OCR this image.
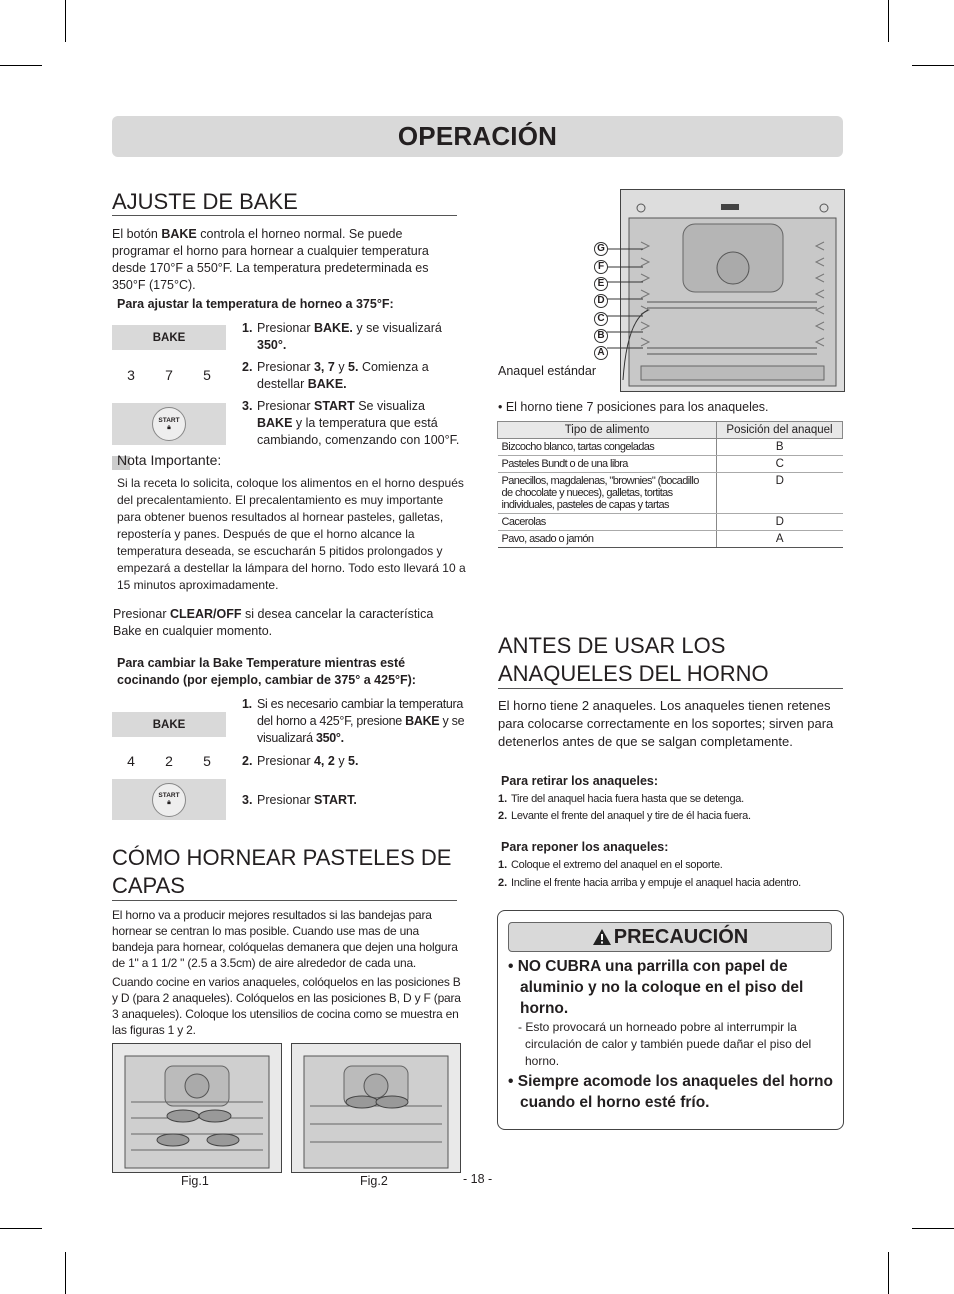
OPERACIÓN
AJUSTE DE BAKE
El botón BAKE controla el horneo normal. Se puede programar el horno para hornear a cualquier temperatura desde 170°F a 550°F. La temperatura predeterminada es 350°F (175°C).
Para ajustar la temperatura de horneo a 375°F:
BAKE
3 7 5
START
🔒︎
1. Presionar BAKE. y se visualizará 350°.
2. Presionar 3, 7 y 5. Comienza a destellar BAKE.
3. Presionar START Se visualiza BAKE y la temperatura que está cambiando, comenzando con 100°F.
Nota Importante:
Si la receta lo solicita, coloque los alimentos en el horno después del precalentamiento. El precalentamiento es muy importante para obtener buenos resultados al hornear pasteles, galletas, repostería y panes. Después de que el horno alcance la temperatura deseada, se escucharán 5 pitidos prolongados y empezará a destellar la lámpara del horno. Todo esto llevará 10 a 15 minutos aproximadamente.
Presionar CLEAR/OFF si desea cancelar la característica Bake en cualquier momento.
Para cambiar la Bake Temperature mientras esté cocinando (por ejemplo, cambiar de 375° a 425°F):
BAKE
4 2 5
START
🔒︎
1. Si es necesario cambiar la temperatura del horno a 425°F, presione BAKE y se visualizará 350°.
2. Presionar 4, 2 y 5.
3. Presionar START.
CÓMO HORNEAR PASTELES DE
CAPAS
El horno va a producir mejores resultados si las bandejas para hornear se centran lo mas posible. Cuando use mas de una bandeja para hornear, colóquelas demanera que dejen una holgura de 1" a 1 1/2 " (2.5 a 3.5cm) de aire alrededor de cada una.
Cuando cocine en varios anaqueles, colóquelos en las posiciones B y D (para 2 anaqueles). Colóquelos en las posiciones B, D y F (para 3 anaqueles). Coloque los utensilios de cocina como se muestra en las figuras 1 y 2.
Fig.1	Fig.2	- 18 -
G
F
E
D
C
B
A
Anaquel estándar
• El horno tiene 7 posiciones para los anaqueles.
Tipo de alimento	Posición del anaquel
Bizcocho blanco, tartas congeladas	B
Pasteles Bundt o de una libra	C
Panecillos, magdalenas, "brownies" (bocadillo de chocolate y nueces), galletas, tortitas individuales, pasteles de capas y tartas	D
Cacerolas	D
Pavo, asado o jamón	A
ANTES DE USAR LOS
ANAQUELES DEL HORNO
El horno tiene 2 anaqueles. Los anaqueles tienen retenes para colocarse correctamente en los soportes; sirven para detenerlos antes de que se salgan completamente.
Para retirar los anaqueles:
1. Tire del anaquel hacia fuera hasta que se detenga.
2. Levante el frente del anaquel y tire de él hacia fuera.
Para reponer los anaqueles:
1. Coloque el extremo del anaquel en el soporte.
2. Incline el frente hacia arriba y empuje el anaquel hacia adentro.
PRECAUCIÓN
• NO CUBRA una parrilla con papel de aluminio y no la coloque en el piso del horno.
- Esto provocará un horneado pobre al interrumpir la circulación de calor y también puede dañar el piso del horno.
• Siempre acomode los anaqueles del horno cuando el horno esté frío.
